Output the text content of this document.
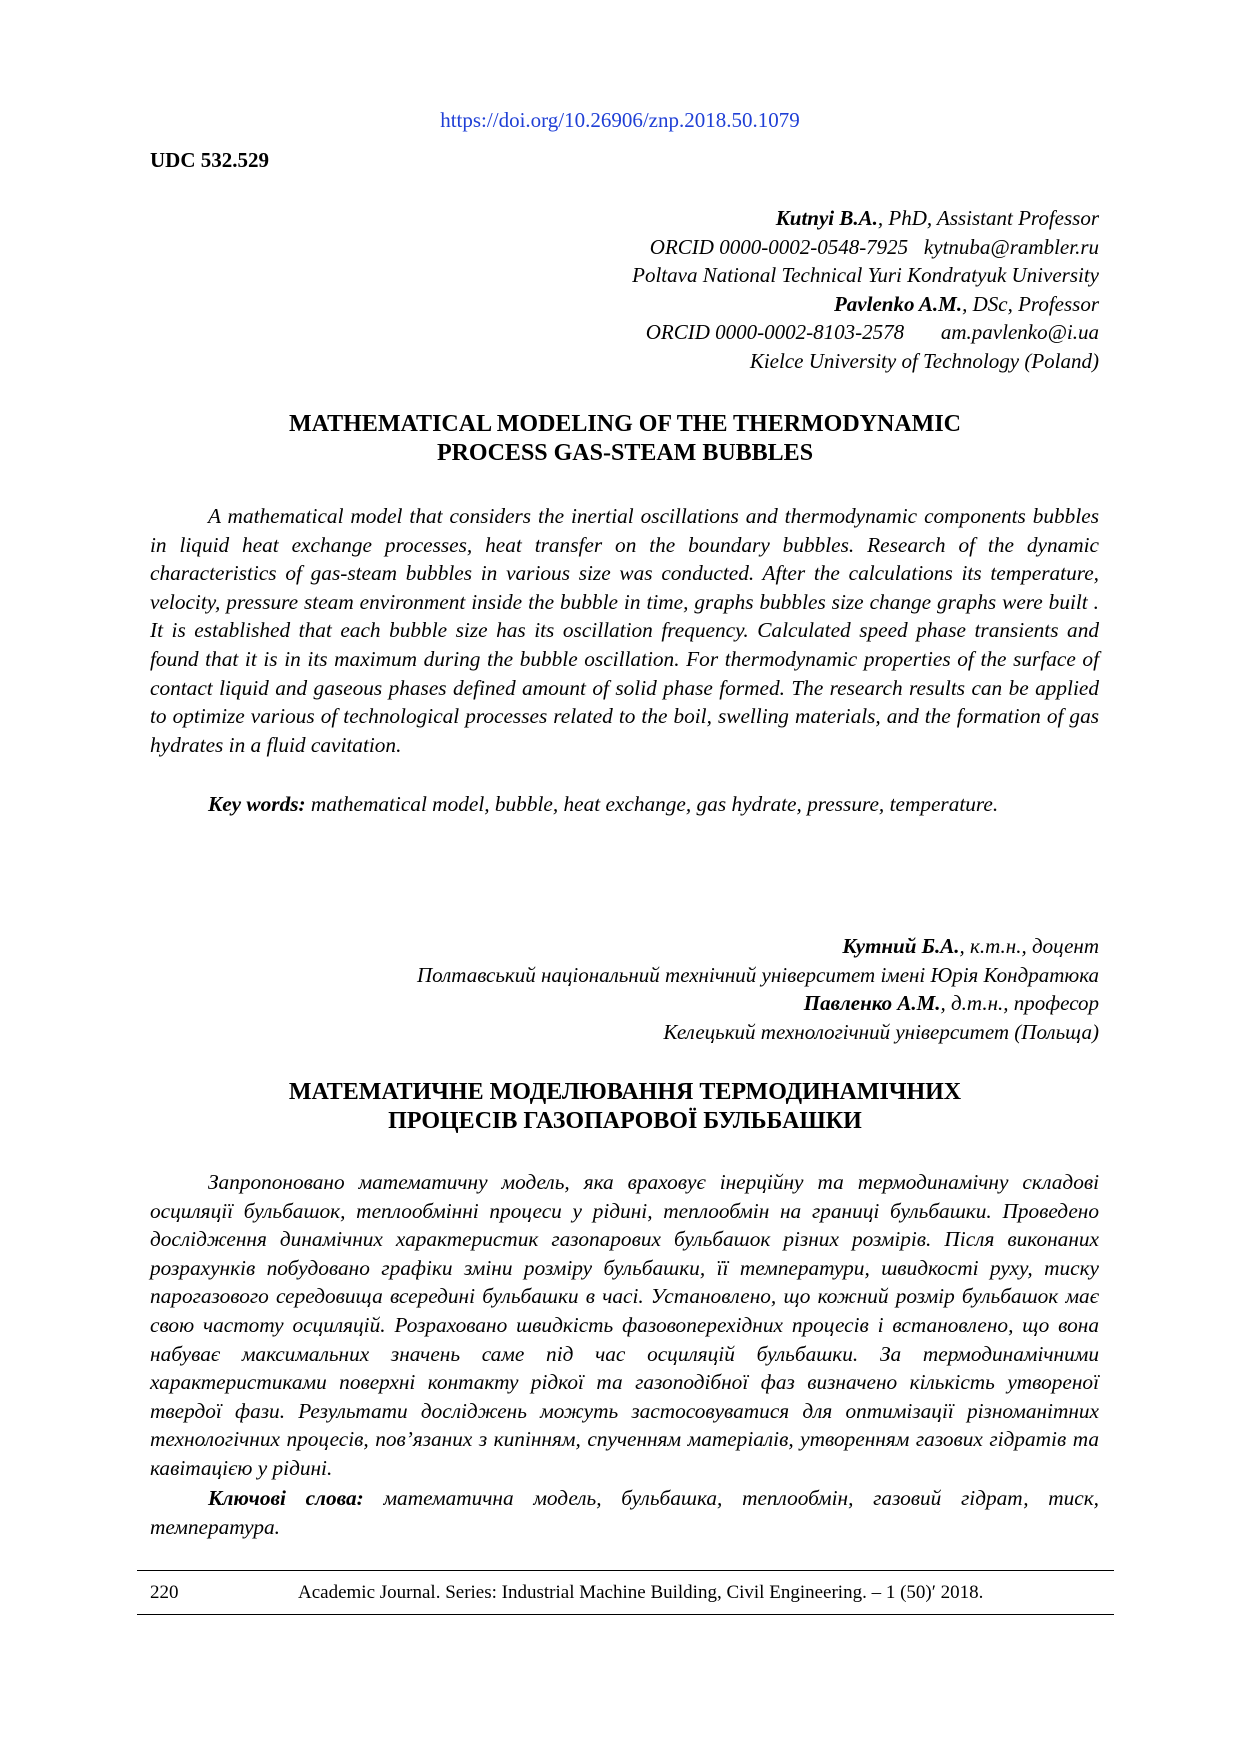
https://doi.org/10.26906/znp.2018.50.1079
UDC 532.529
Kutnyi B.A., PhD, Assistant Professor
ORCID 0000-0002-0548-7925   kytnuba@rambler.ru
Poltava National Technical Yuri Kondratyuk University
Pavlenko A.M., DSc, Professor
ORCID 0000-0002-8103-2578       am.pavlenko@i.ua
Kielce University of Technology (Poland)
MATHEMATICAL MODELING OF THE THERMODYNAMIC
PROCESS GAS-STEAM BUBBLES

A mathematical model that considers the inertial oscillations and thermodynamic components bubbles in liquid heat exchange processes, heat transfer on the boundary bubbles. Research of the dynamic characteristics of gas-steam bubbles in various size was conducted. After the calculations its temperature, velocity, pressure steam environment inside the bubble in time, graphs bubbles size change graphs were built . It is established that each bubble size has its oscillation frequency. Calculated speed phase transients and found that it is in its maximum during the bubble oscillation. For thermodynamic properties of the surface of contact liquid and gaseous phases defined amount of solid phase formed. The research results can be applied to optimize various of technological processes related to the boil, swelling materials, and the formation of gas hydrates in a fluid cavitation.

Key words: mathematical model, bubble, heat exchange, gas hydrate, pressure, temperature.

Кутний Б.А., к.т.н., доцент
Полтавський національний технічний університет імені Юрія Кондратюка
Павленко А.М., д.т.н., професор
Келецький технологічний університет (Польща)
МАТЕМАТИЧНЕ МОДЕЛЮВАННЯ ТЕРМОДИНАМІЧНИХ
ПРОЦЕСІВ ГАЗОПАРОВОЇ БУЛЬБАШКИ

Запропоновано математичну модель, яка враховує інерційну та термодинамічну складові осциляції бульбашок, теплообмінні процеси у рідині, теплообмін на границі бульбашки. Проведено дослідження динамічних характеристик газопарових бульбашок різних розмірів. Після виконаних розрахунків побудовано графіки зміни розміру бульбашки, її температури, швидкості руху, тиску парогазового середовища всередині бульбашки в часі. Установлено, що кожний розмір бульбашок має свою частоту осциляцій. Розраховано швидкість фазовоперехідних процесів і встановлено, що вона набуває максимальних значень саме під час осциляцій бульбашки. За термодинамічними характеристиками поверхні контакту рідкої та газоподібної фаз визначено кількість утвореної твердої фази. Результати досліджень можуть застосовуватися для оптимізації різноманітних технологічних процесів, пов’язаних з кипінням, спученням матеріалів, утворенням газових гідратів та кавітацією у рідині.

Ключові слова: математична модель, бульбашка, теплообмін, газовий гідрат, тиск, температура.

220	Academic Journal. Series: Industrial Machine Building, Civil Engineering. – 1 (50)′ 2018.
